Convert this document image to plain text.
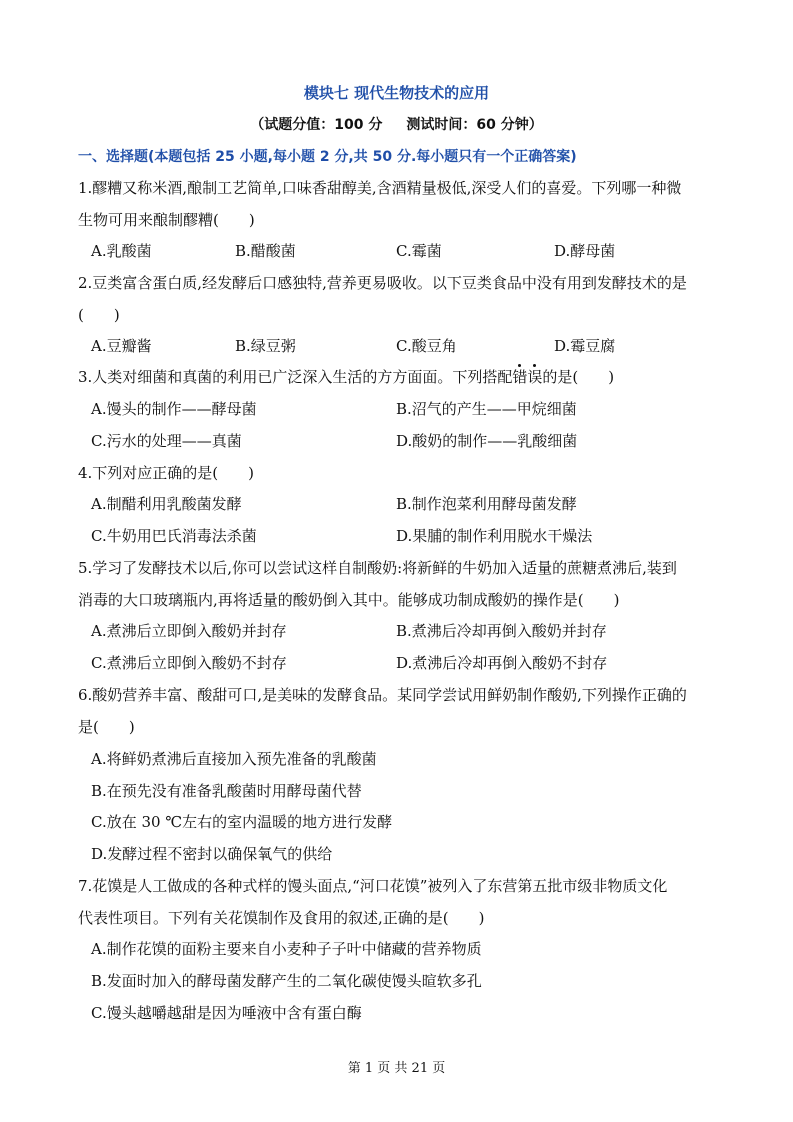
模块七 现代生物技术的应用
（试题分值：100 分 测试时间：60 分钟）
一、选择题(本题包括 25 小题,每小题 2 分,共 50 分.每小题只有一个正确答案)
1.醪糟又称米酒,酿制工艺简单,口味香甜醇美,含酒精量极低,深受人们的喜爱。下列哪一种微
生物可用来酿制醪糟(　　)
A.乳酸菌	B.醋酸菌	C.霉菌	D.酵母菌
2.豆类富含蛋白质,经发酵后口感独特,营养更易吸收。以下豆类食品中没有用到发酵技术的是
(　　)
A.豆瓣酱	B.绿豆粥	C.酸豆角	D.霉豆腐
3.人类对细菌和真菌的利用已广泛深入生活的方方面面。下列搭配错误的是(　　)
A.馒头的制作——酵母菌	B.沼气的产生——甲烷细菌
C.污水的处理——真菌	D.酸奶的制作——乳酸细菌
4.下列对应正确的是(　　)
A.制醋利用乳酸菌发酵	B.制作泡菜利用酵母菌发酵
C.牛奶用巴氏消毒法杀菌	D.果脯的制作利用脱水干燥法
5.学习了发酵技术以后,你可以尝试这样自制酸奶:将新鲜的牛奶加入适量的蔗糖煮沸后,装到
消毒的大口玻璃瓶内,再将适量的酸奶倒入其中。能够成功制成酸奶的操作是(　　)
A.煮沸后立即倒入酸奶并封存	B.煮沸后冷却再倒入酸奶并封存
C.煮沸后立即倒入酸奶不封存	D.煮沸后冷却再倒入酸奶不封存
6.酸奶营养丰富、酸甜可口,是美味的发酵食品。某同学尝试用鲜奶制作酸奶,下列操作正确的
是(　　)
A.将鲜奶煮沸后直接加入预先准备的乳酸菌
B.在预先没有准备乳酸菌时用酵母菌代替
C.放在 30 ℃左右的室内温暖的地方进行发酵
D.发酵过程不密封以确保氧气的供给
7.花馍是人工做成的各种式样的馒头面点,“河口花馍”被列入了东营第五批市级非物质文化
代表性项目。下列有关花馍制作及食用的叙述,正确的是(　　)
A.制作花馍的面粉主要来自小麦种子子叶中储藏的营养物质
B.发面时加入的酵母菌发酵产生的二氧化碳使馒头暄软多孔
C.馒头越嚼越甜是因为唾液中含有蛋白酶
第 1 页 共 21 页
